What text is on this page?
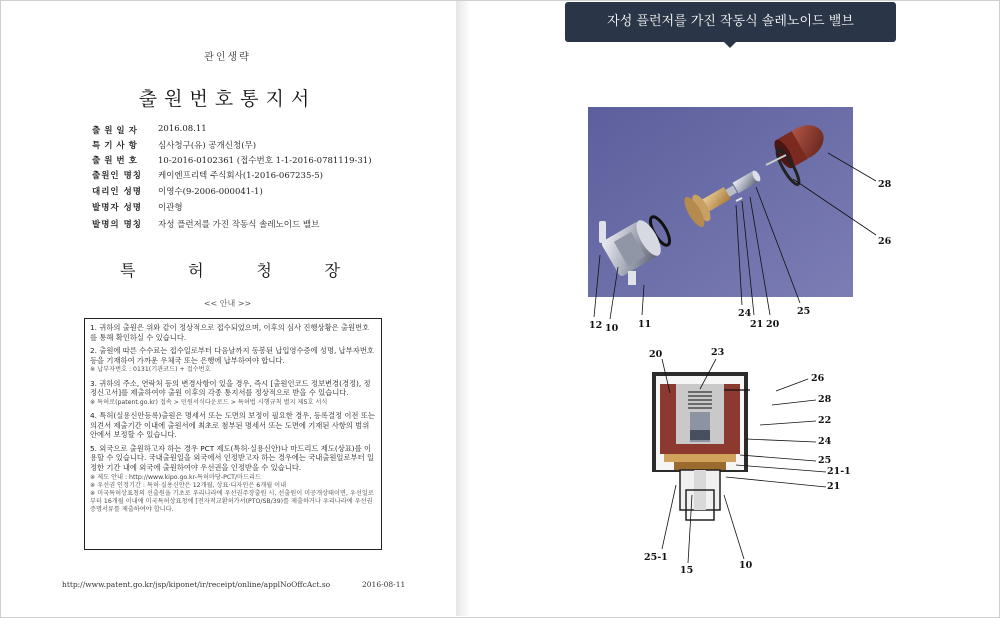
관인생략
출원번호통지서
출원일자	2016.08.11
특기사항	심사청구(유) 공개신청(무)
출원번호	10-2016-0102361 (접수번호 1-1-2016-0781119-31)
출원인 명칭	케이엔프리텍 주식회사(1-2016-067235-5)
대리인 성명	이영수(9-2006-000041-1)
발명자 성명	이관형
발명의 명칭	자성 플런저를 가진 작동식 솔레노이드 밸브
특	허	청	장
<< 안내 >>
1. 귀하의 출원은 위와 같이 정상적으로 접수되었으며, 이후의 심사 진행상황은 출원번호를 통해 확인하실 수 있습니다.
2. 출원에 따른 수수료는 접수일로부터 다음날까지 동봉된 납입영수증에 성명, 납부자번호 등을 기재하여 가까운 우체국 또는 은행에 납부하여야 합니다.
※ 납부자번호 : 0131(기관코드) + 접수번호
3. 귀하의 주소, 연락처 등의 변경사항이 있을 경우, 즉시 [출원인코드 정보변경(경정), 정정신고서]를 제출하여야 출원 이후의 각종 통지서를 정상적으로 받을 수 있습니다.
※ 특허로(patent.go.kr) 접속 > 민원서식다운로드 > 특허법 시행규칙 별지 제5호 서식
4. 특허(실용신안등록)출원은 명세서 또는 도면의 보정이 필요한 경우, 등록결정 이전 또는 의견서 제출기간 이내에 출원서에 최초로 첨부된 명세서 또는 도면에 기재된 사항의 범위 안에서 보정할 수 있습니다.
5. 외국으로 출원하고자 하는 경우 PCT 제도(특허·실용신안)나 마드리드 제도(상표)를 이용할 수 있습니다. 국내출원일을 외국에서 인정받고자 하는 경우에는 국내출원일로부터 일정한 기간 내에 외국에 출원하여야 우선권을 인정받을 수 있습니다.
※ 제도 안내 : http://www.kipo.go.kr-특허마당-PCT/마드리드
※ 우선권 인정기간 : 특허·실용신안은 12개월, 상표·디자인은 6개월 이내
※ 미국특허상표청의 선출원을 기초로 우리나라에 우선권주장출원 시, 선출원이 미공개상태이면, 우선일로부터 16개월 이내에 미국특허상표청에 [전자적교환허가서(PTO/SB/39)를 제출하거나 우리나라에 우선권 증명서류를 제출하여야 합니다.
http://www.patent.go.kr/jsp/kiponet/ir/receipt/online/applNoOffcAct.so	2016-08-11
자성 플런저를 가진 작동식 솔레노이드 밸브
28
26
12 10 11
24
21 20
25
20	23
26
28
22
24
25
21-1
21
25-1
15	10
